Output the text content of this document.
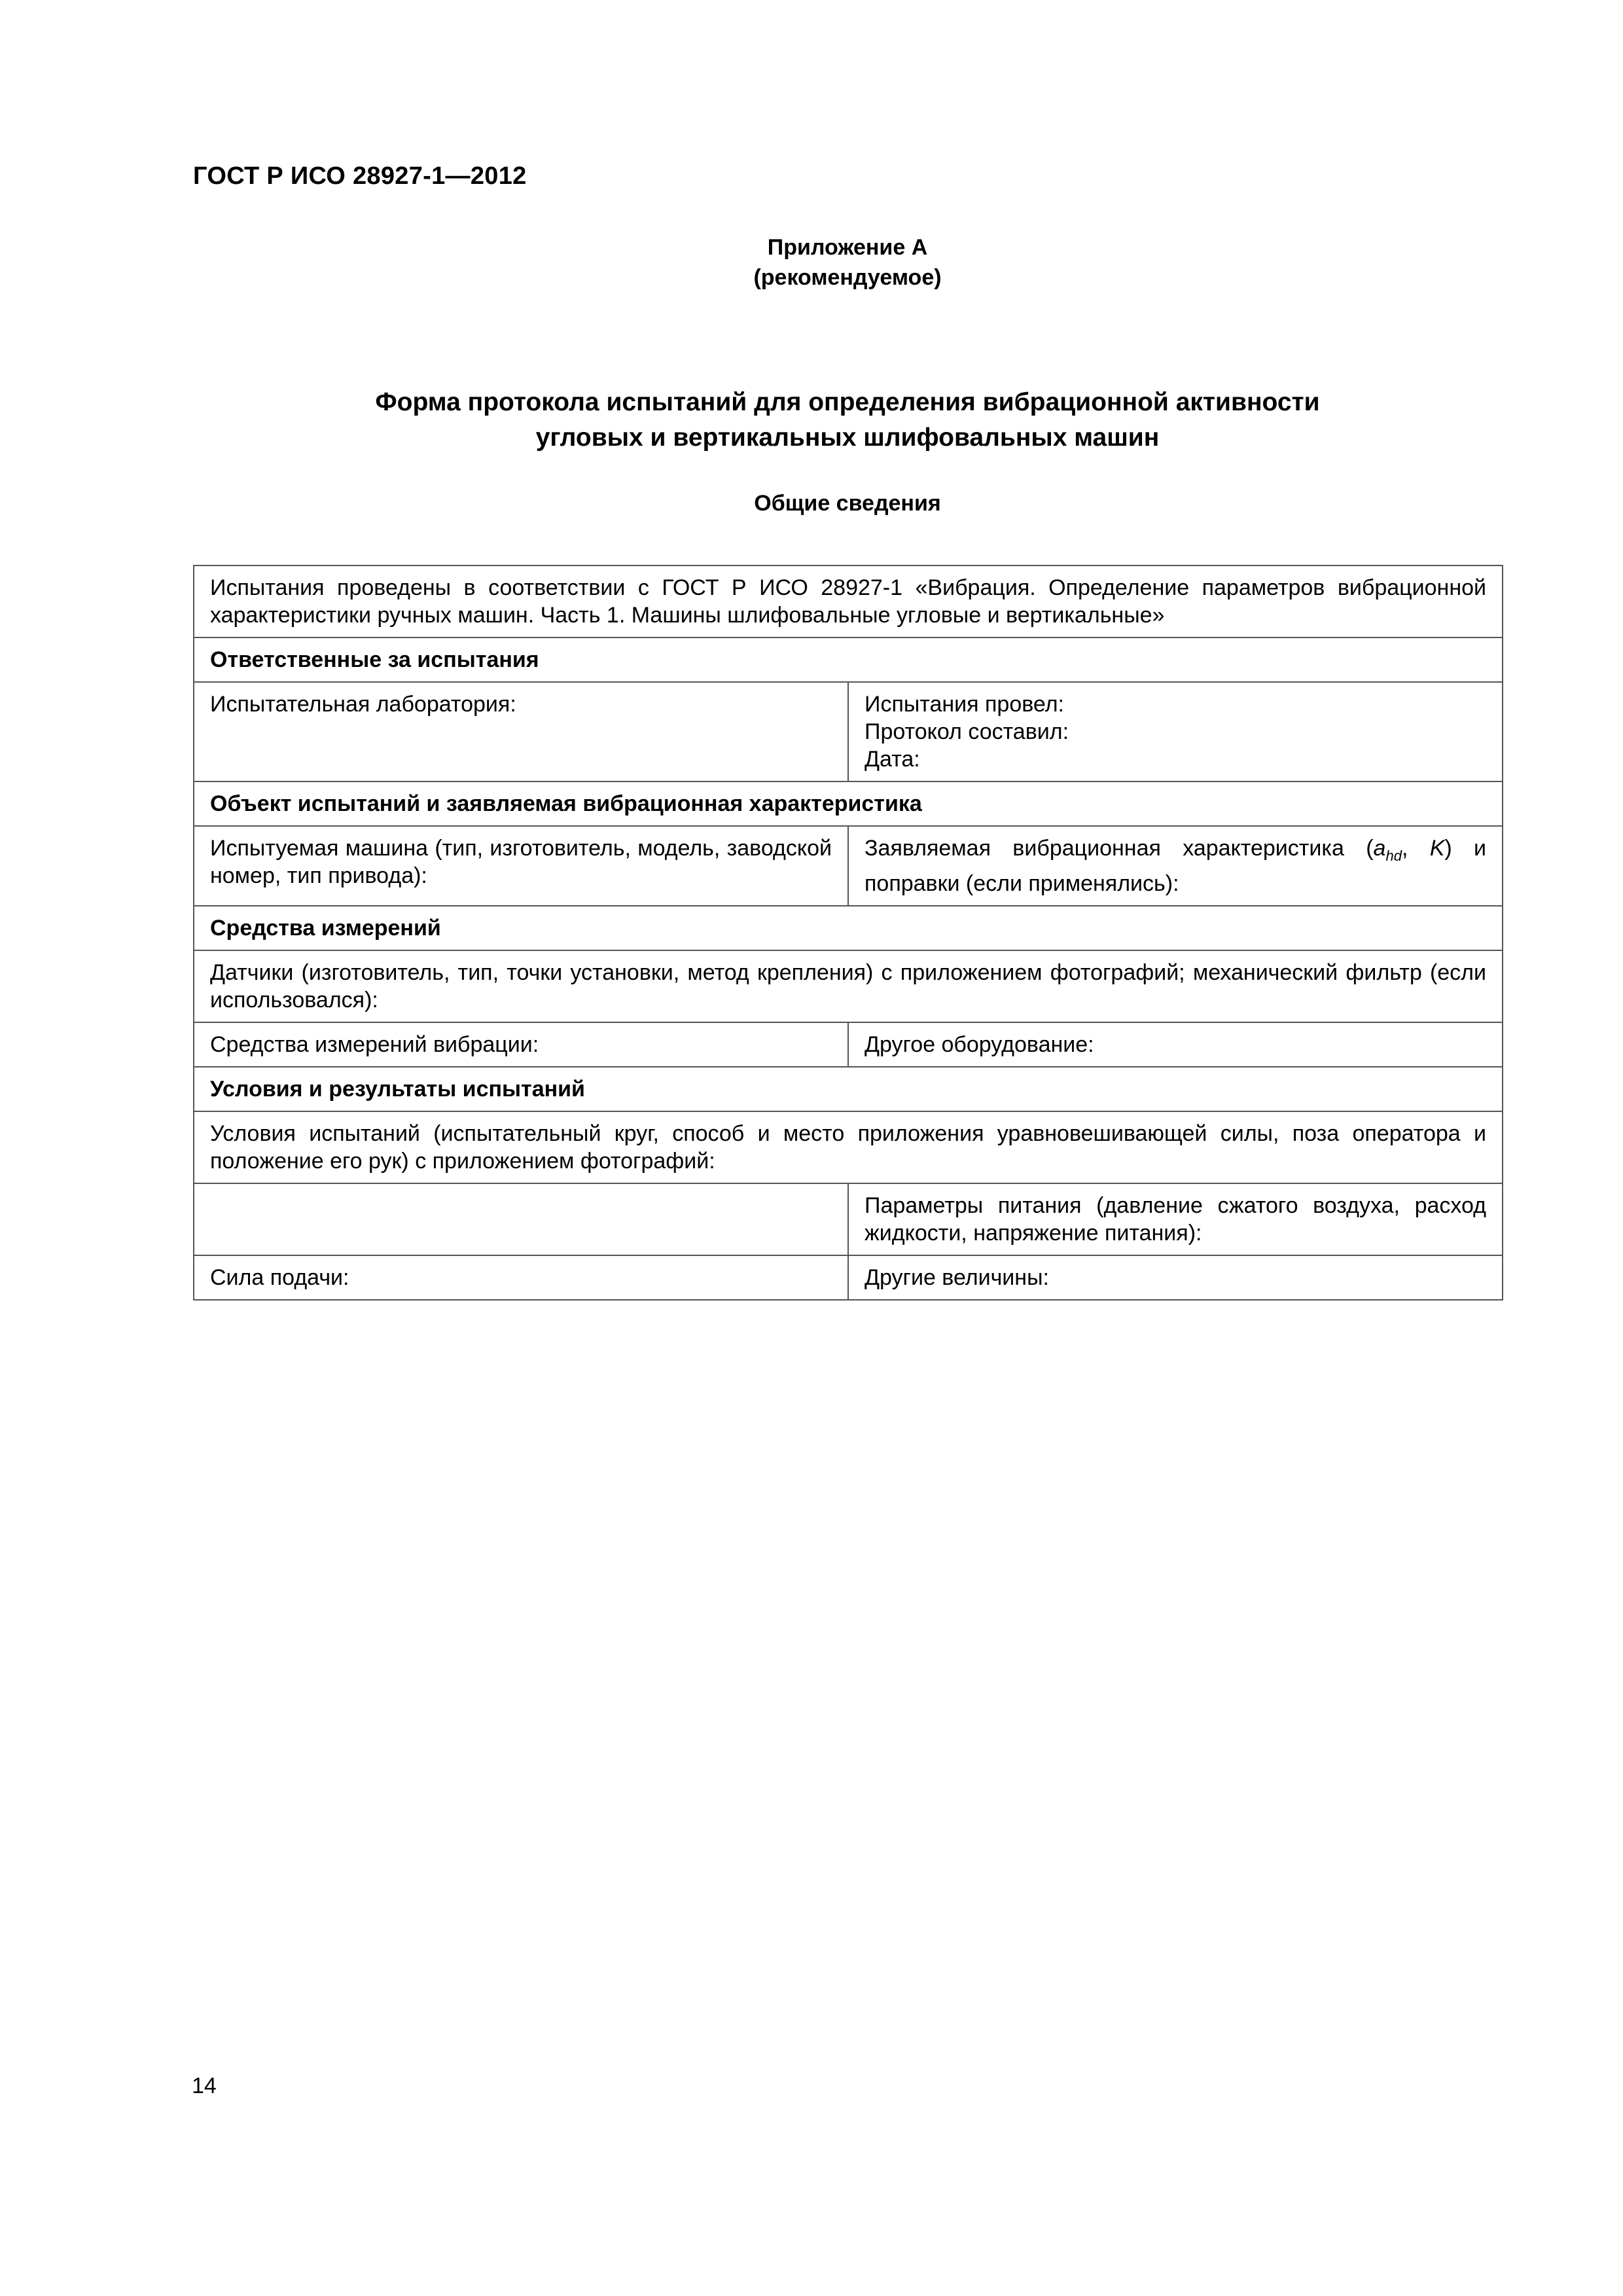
ГОСТ Р ИСО 28927-1—2012
Приложение А
(рекомендуемое)
Форма протокола испытаний для определения вибрационной активности
угловых и вертикальных шлифовальных машин
Общие сведения
Испытания проведены в соответствии с ГОСТ Р ИСО 28927-1 «Вибрация. Определение параметров вибрационной характеристики ручных машин. Часть 1. Машины шлифовальные угловые и вертикальные»	
Ответственные за испытания	
Испытательная лаборатория:	Испытания провел:
Протокол составил:
Дата:

Объект испытаний и заявляемая вибрационная характеристика	
Испытуемая машина (тип, изготовитель, модель, заводской номер, тип привода):	Заявляемая вибрационная характеристика ($a_{hd}$, K) и поправки (если применялись):
Средства измерений	
Датчики (изготовитель, тип, точки установки, метод крепления) с приложением фотографий; механический фильтр (если использовался):	
Средства измерений вибрации:	Другое оборудование:
Условия и результаты испытаний	
Условия испытаний (испытательный круг, способ и место приложения уравновешивающей силы, поза оператора и положение его рук) с приложением фотографий:	
	Параметры питания (давление сжатого воздуха, расход жидкости, напряжение питания):
Сила подачи:	Другие величины:
14
